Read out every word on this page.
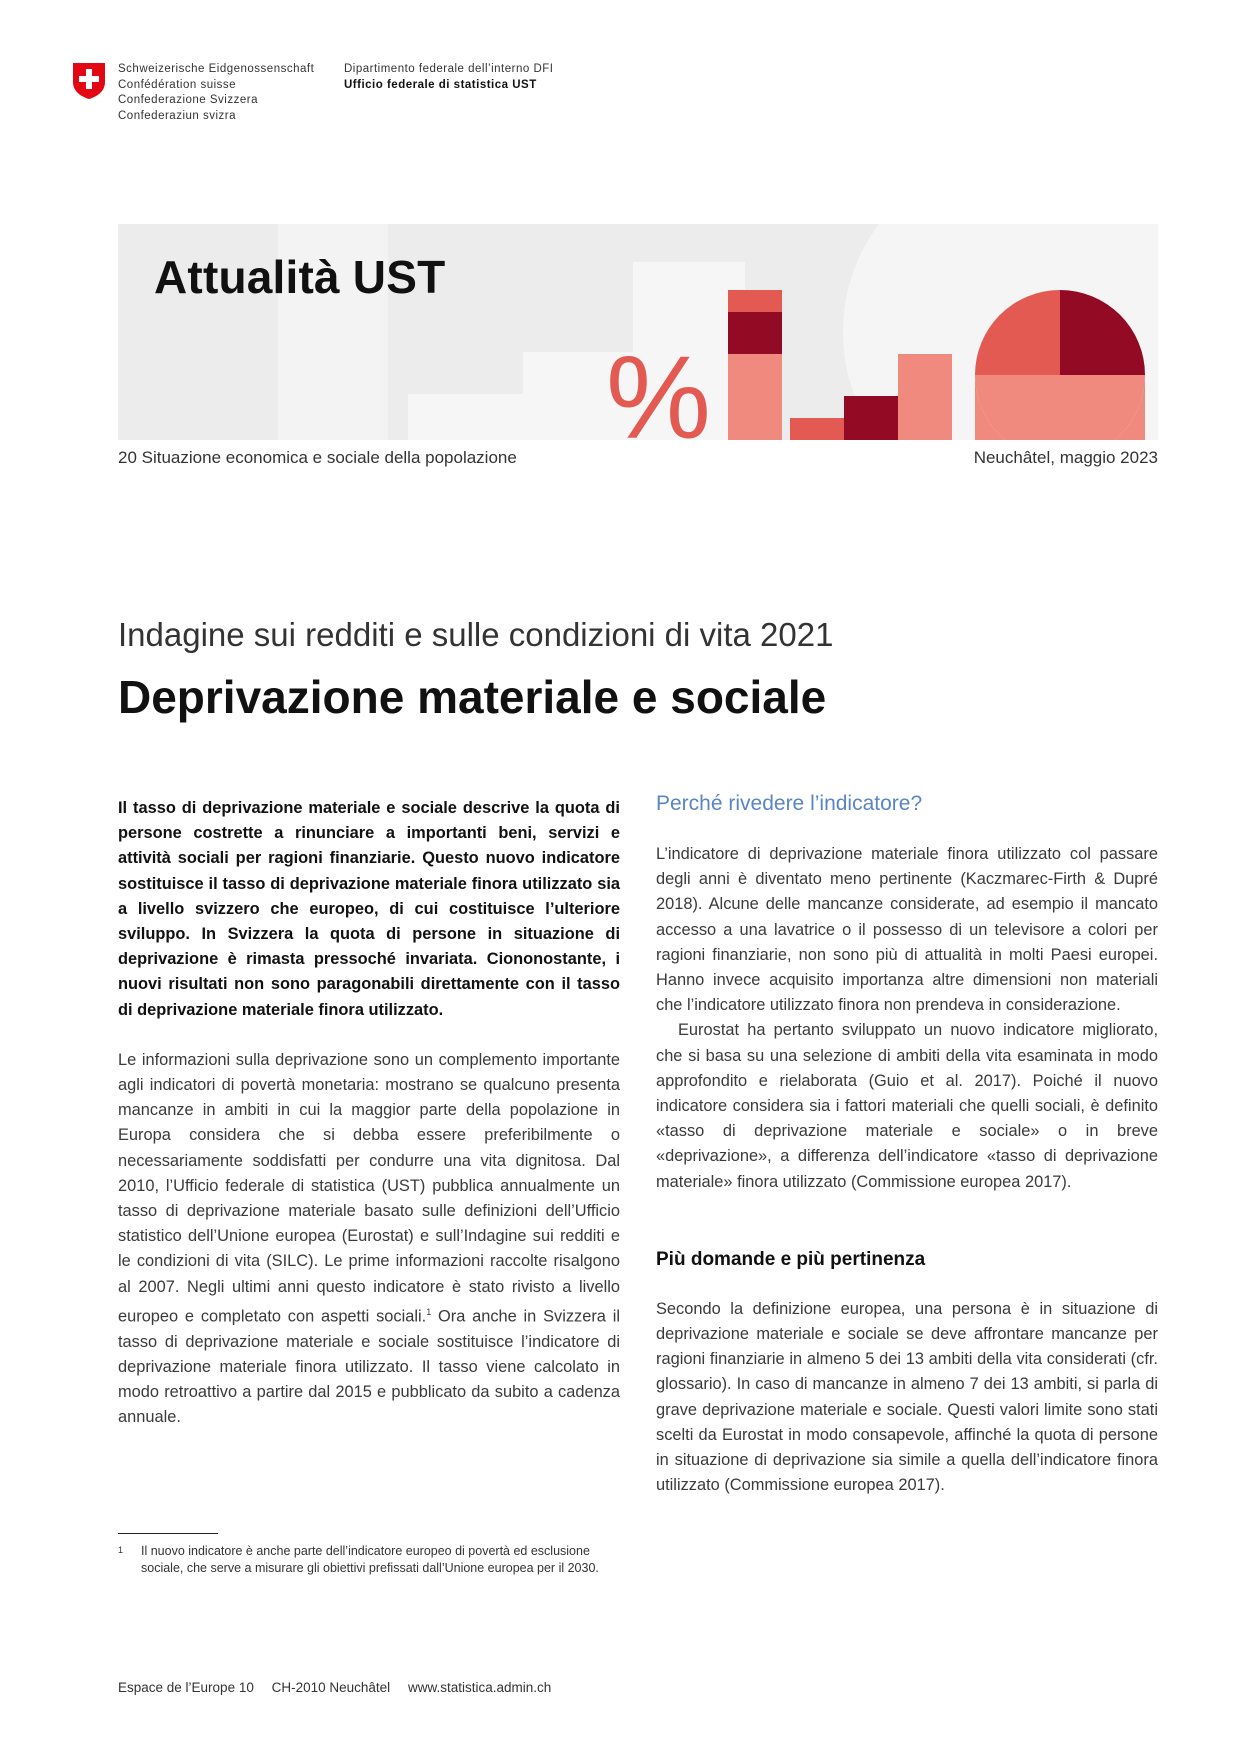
Schweizerische Eidgenossenschaft
Confédération suisse
Confederazione Svizzera
Confederaziun svizra
Dipartimento federale dell’interno DFI
Ufficio federale di statistica UST
%
Attualità UST
20 Situazione economica e sociale della popolazione	Neuchâtel, maggio 2023
Indagine sui redditi e sulle condizioni di vita 2021
Deprivazione materiale e sociale

Il tasso di deprivazione materiale e sociale descrive la quota di persone costrette a rinunciare a importanti beni, servizi e attività sociali per ragioni finanziarie. Questo nuovo indicatore sostituisce il tasso di deprivazione materiale finora utilizzato sia a livello svizzero che europeo, di cui costituisce l’ulteriore sviluppo. In Svizzera la quota di persone in situazione di deprivazione è rimasta pressoché invariata. Ciononostante, i nuovi risultati non sono paragonabili direttamente con il tasso di deprivazione materiale finora utilizzato.

Le informazioni sulla deprivazione sono un complemento importante agli indicatori di povertà monetaria: mostrano se qualcuno presenta mancanze in ambiti in cui la maggior parte della popolazione in Europa considera che si debba essere preferibilmente o necessariamente soddisfatti per condurre una vita dignitosa. Dal 2010, l’Ufficio federale di statistica (UST) pubblica annualmente un tasso di deprivazione materiale basato sulle definizioni dell’Ufficio statistico dell’Unione europea (Eurostat) e sull’Indagine sui redditi e le condizioni di vita (SILC). Le prime informazioni raccolte risalgono al 2007. Negli ultimi anni questo indicatore è stato rivisto a livello europeo e completato con aspetti sociali.$^1$ Ora anche in Svizzera il tasso di deprivazione materiale e sociale sostituisce l’indicatore di deprivazione materiale finora utilizzato. Il tasso viene calcolato in modo retroattivo a partire dal 2015 e pubblicato da subito a cadenza annuale.

Perché rivedere l’indicatore?

L’indicatore di deprivazione materiale finora utilizzato col passare degli anni è diventato meno pertinente (Kaczmarec-Firth & Dupré 2018). Alcune delle mancanze considerate, ad esempio il mancato accesso a una lavatrice o il possesso di un televisore a colori per ragioni finanziarie, non sono più di attualità in molti Paesi europei. Hanno invece acquisito importanza altre dimensioni non materiali che l’indicatore utilizzato finora non prendeva in considerazione.

Eurostat ha pertanto sviluppato un nuovo indicatore migliorato, che si basa su una selezione di ambiti della vita esaminata in modo approfondito e rielaborata (Guio et al. 2017). Poiché il nuovo indicatore considera sia i fattori materiali che quelli sociali, è definito «tasso di deprivazione materiale e sociale» o in breve «deprivazione», a differenza dell’indicatore «tasso di deprivazione materiale» finora utilizzato (Commissione europea 2017).

Più domande e più pertinenza

Secondo la definizione europea, una persona è in situazione di deprivazione materiale e sociale se deve affrontare mancanze per ragioni finanziarie in almeno 5 dei 13 ambiti della vita considerati (cfr. glossario). In caso di mancanze in almeno 7 dei 13 ambiti, si parla di grave deprivazione materiale e sociale. Questi valori limite sono stati scelti da Eurostat in modo consapevole, affinché la quota di persone in situazione di deprivazione sia simile a quella dell’indicatore finora utilizzato (Commissione europea 2017).

1 Il nuovo indicatore è anche parte dell’indicatore europeo di povertà ed esclusione sociale, che serve a misurare gli obiettivi prefissati dall’Unione europea per il 2030.
Espace de l’Europe 10 CH-2010 Neuchâtel www.statistica.admin.ch
